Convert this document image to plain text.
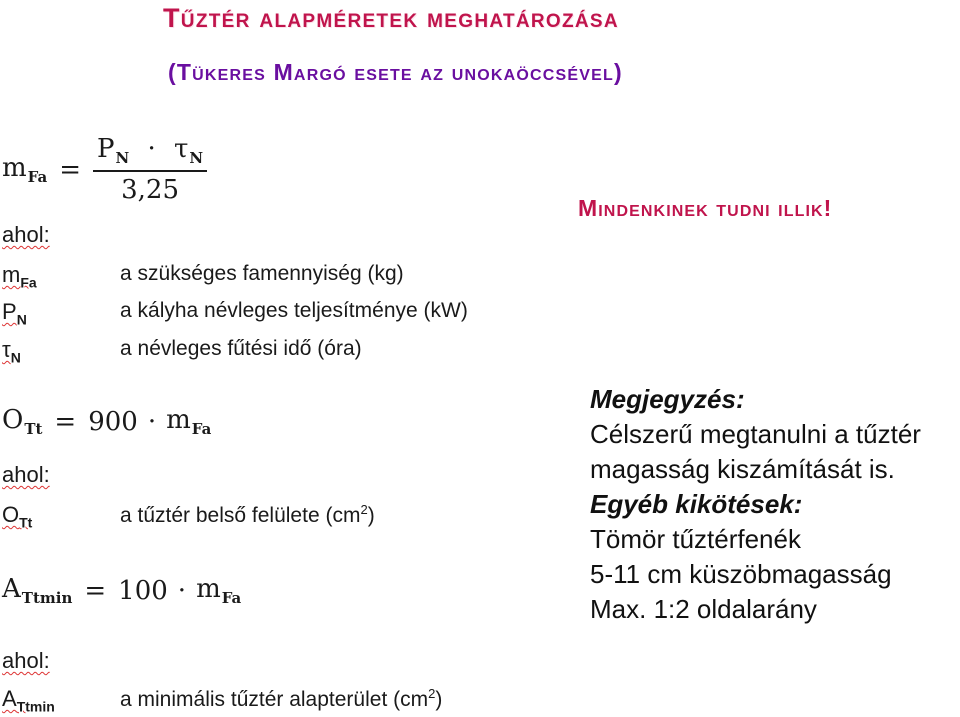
Tűztér alapméretek meghatározása
(Tükeres Margó esete az unokaöccsével)
Mindenkinek tudni illik!
$m_{Fa} = \frac{P_N \cdot \tau_N}{3,25}$
ahol:
$m_{Fa}$	a szükséges famennyiség (kg)
$P_N$	a kályha névleges teljesítménye (kW)
$\tau_N$	a névleges fűtési idő (óra)
$O_{Tt} = 900 \cdot m_{Fa}$
ahol:
$O_{Tt}$	a tűztér belső felülete $(cm^2)$
$A_{Ttmin} = 100 \cdot m_{Fa}$
ahol:
$A_{Ttmin}$	a minimális tűztér alapterület $(cm^2)$
Megjegyzés:
Célszerű megtanulni a tűztér
magasság kiszámítását is.
Egyéb kikötések:
Tömör tűztérfenék
5-11 cm küszöbmagasság
Max. 1:2 oldalarány
